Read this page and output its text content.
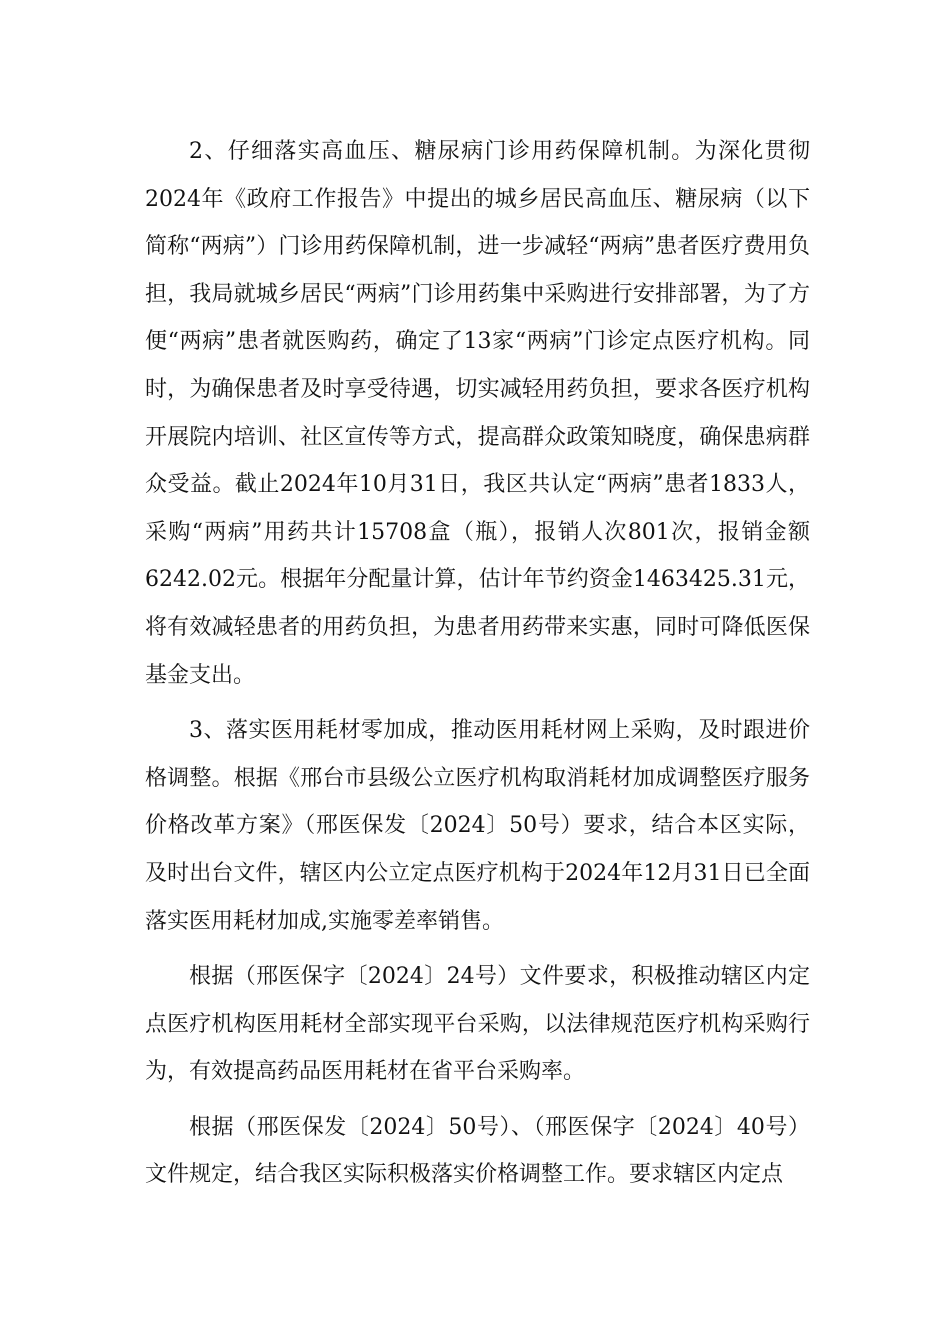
2、仔细落实高血压、糖尿病门诊用药保障机制。为深化贯彻2024年《政府工作报告》中提出的城乡居民高血压、糖尿病（以下简称“两病”）门诊用药保障机制，进一步减轻“两病”患者医疗费用负担，我局就城乡居民“两病”门诊用药集中采购进行安排部署，为了方便“两病”患者就医购药，确定了13家“两病”门诊定点医疗机构。同时，为确保患者及时享受待遇，切实减轻用药负担，要求各医疗机构开展院内培训、社区宣传等方式，提高群众政策知晓度，确保患病群众受益。截止2024年10月31日，我区共认定“两病”患者1833人，采购“两病”用药共计15708盒（瓶），报销人次801次，报销金额6242.02元。根据年分配量计算，估计年节约资金1463425.31元，将有效减轻患者的用药负担，为患者用药带来实惠，同时可降低医保基金支出。

3、落实医用耗材零加成，推动医用耗材网上采购，及时跟进价格调整。根据《邢台市县级公立医疗机构取消耗材加成调整医疗服务价格改革方案》（邢医保发〔2024〕50号）要求，结合本区实际，及时出台文件，辖区内公立定点医疗机构于2024年12月31日已全面落实医用耗材加成,实施零差率销售。

根据（邢医保字〔2024〕24号）文件要求，积极推动辖区内定点医疗机构医用耗材全部实现平台采购，以法律规范医疗机构采购行为，有效提高药品医用耗材在省平台采购率。

根据（邢医保发〔2024〕50号）、（邢医保字〔2024〕40号）文件规定，结合我区实际积极落实价格调整工作。要求辖区内定点
